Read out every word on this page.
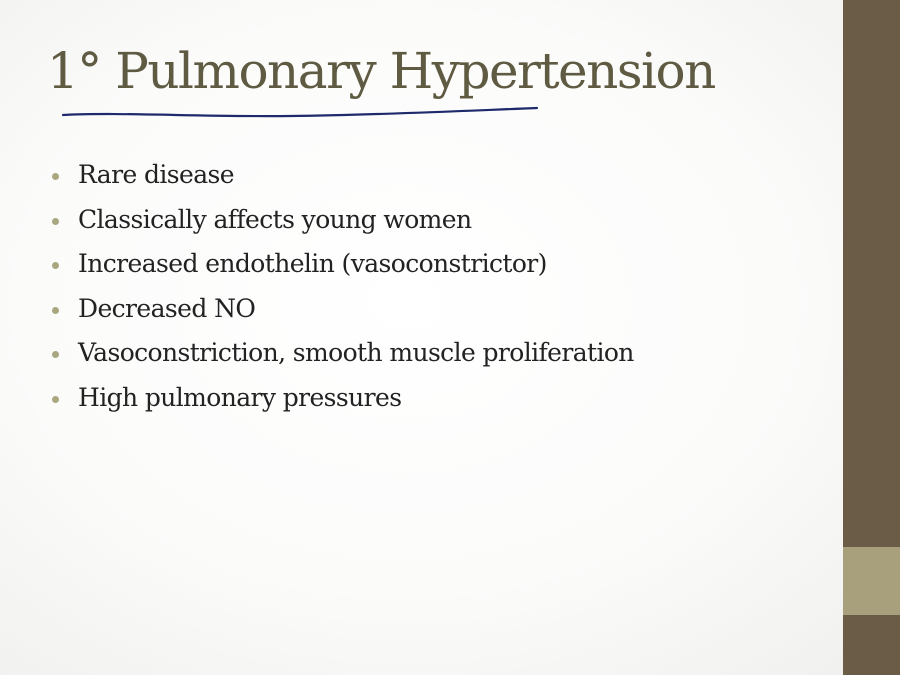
1° Pulmonary Hypertension
Rare disease
Classically affects young women
Increased endothelin (vasoconstrictor)
Decreased NO
Vasoconstriction, smooth muscle proliferation
High pulmonary pressures
